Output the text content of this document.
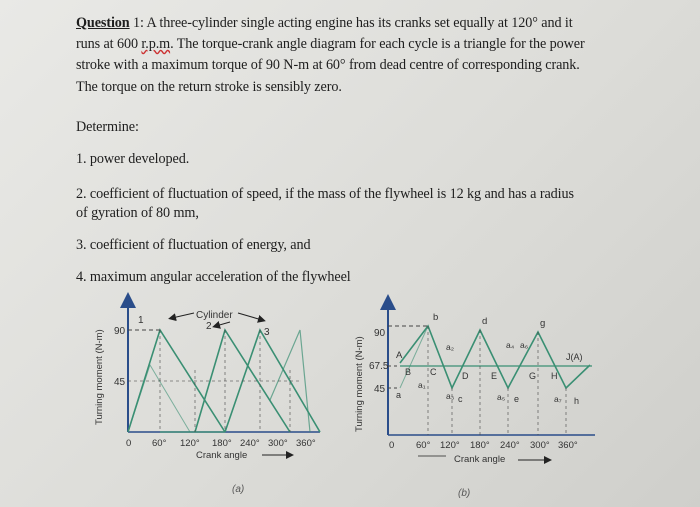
Question 1: A three-cylinder single acting engine has its cranks set equally at 120° and it
runs at 600 r.p.m. The torque-crank angle diagram for each cycle is a triangle for the power
stroke with a maximum torque of 90 N-m at 60° from dead centre of corresponding crank.
The torque on the return stroke is sensibly zero.
Determine:
1. power developed.
2. coefficient of fluctuation of speed, if the mass of the flywheel is 12 kg and has a radius
of gyration of 80 mm,
3. coefficient of fluctuation of energy, and
4. maximum angular acceleration of the flywheel
90
45
Turning moment (N-m)
1
2
3
Cylinder
0 60° 120° 180° 240° 300° 360°
Crank angle
(a)
90
67.5
45
Turning moment (N-m)
b	d	g
A
B C	D	E	G H
J(A)
a	c	e	h
a₁
a₂
a₃
a₄
a₅
a₆
a₇
0 60° 120° 180° 240° 300° 360°
Crank angle
(b)
